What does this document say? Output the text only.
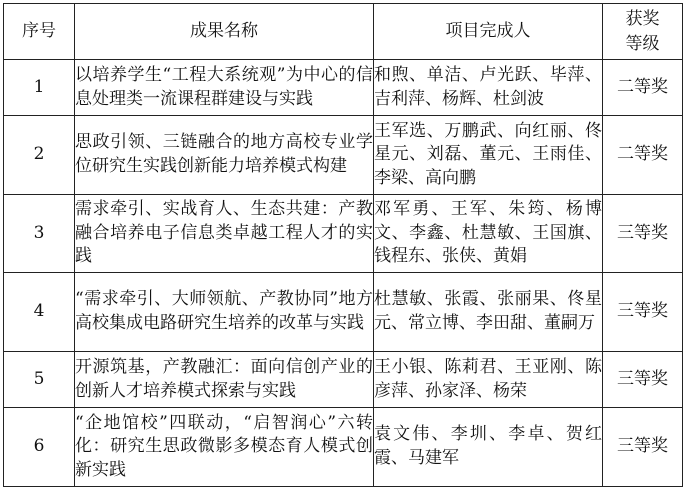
序号	成果名称	项目完成人	获奖等级
1	以培养学生“工程大系统观”为中心的信息处理类一流课程群建设与实践	和煦、单洁、卢光跃、毕萍、吉利萍、杨辉、杜剑波	二等奖
2	思政引领、三链融合的地方高校专业学位研究生实践创新能力培养模式构建	王军选、万鹏武、向红丽、佟星元、刘磊、董元、王雨佳、李梁、高向鹏	二等奖
3	需求牵引、实战育人、生态共建：产教融合培养电子信息类卓越工程人才的实践	邓军勇、王军、朱筠、杨博文、李鑫、杜慧敏、王国旗、钱程东、张侠、黄娟	三等奖
4	“需求牵引、大师领航、产教协同”地方高校集成电路研究生培养的改革与实践	杜慧敏、张霞、张丽果、佟星元、常立博、李田甜、董嗣万	三等奖
5	开源筑基，产教融汇：面向信创产业的创新人才培养模式探索与实践	王小银、陈莉君、王亚刚、陈彦萍、孙家泽、杨荣	三等奖
6	“企地馆校”四联动，“启智润心”六转化：研究生思政微影多模态育人模式创新实践	袁文伟、李圳、李卓、贺红霞、马建军	三等奖
